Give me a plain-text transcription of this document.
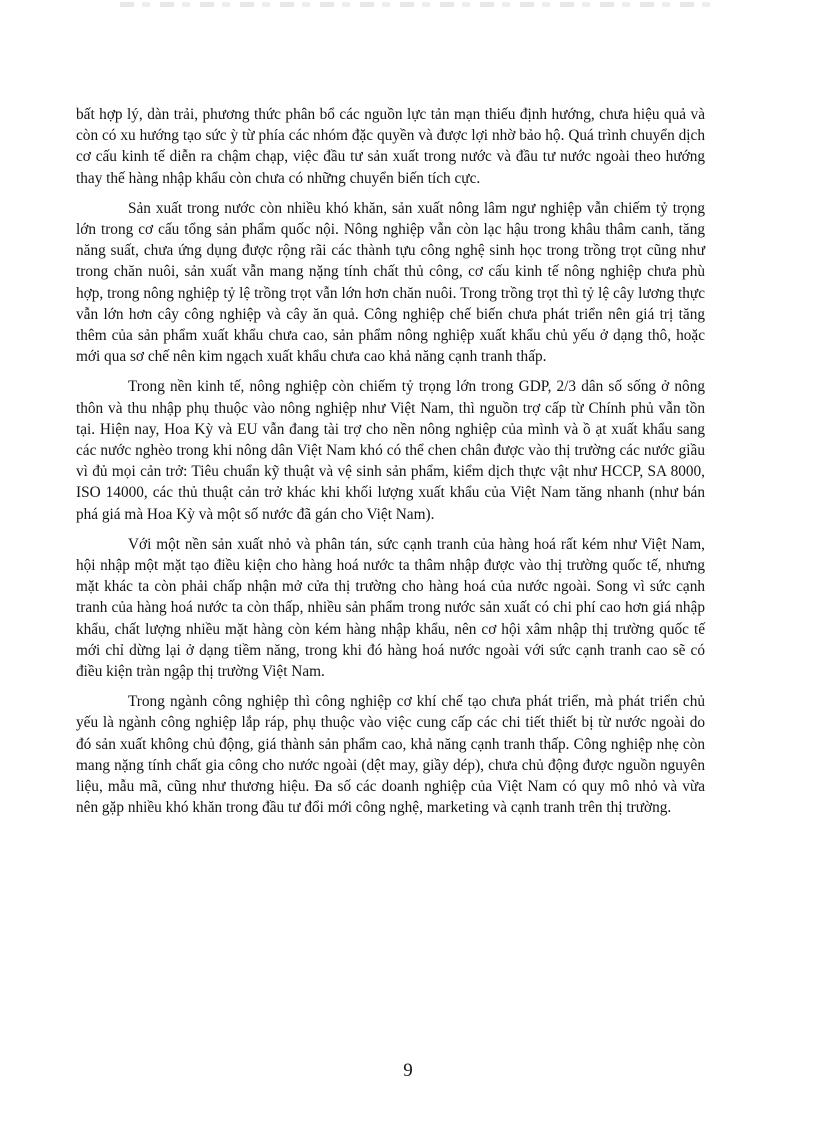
bất hợp lý, dàn trải, phương thức phân bổ các nguồn lực tản mạn thiếu định hướng, chưa hiệu quả và còn có xu hướng tạo sức ỳ từ phía các nhóm đặc quyền và được lợi nhờ bảo hộ. Quá trình chuyển dịch cơ cấu kinh tế diễn ra chậm chạp, việc đầu tư sản xuất trong nước và đầu tư nước ngoài theo hướng thay thế hàng nhập khẩu còn chưa có những chuyển biến tích cực.

Sản xuất trong nước còn nhiều khó khăn, sản xuất nông lâm ngư nghiệp vẫn chiếm tỷ trọng lớn trong cơ cấu tổng sản phẩm quốc nội. Nông nghiệp vẫn còn lạc hậu trong khâu thâm canh, tăng năng suất, chưa ứng dụng được rộng rãi các thành tựu công nghệ sinh học trong trồng trọt cũng như trong chăn nuôi, sản xuất vẫn mang nặng tính chất thủ công, cơ cấu kinh tế nông nghiệp chưa phù hợp, trong nông nghiệp tỷ lệ trồng trọt vẫn lớn hơn chăn nuôi. Trong trồng trọt thì tỷ lệ cây lương thực vẫn lớn hơn cây công nghiệp và cây ăn quả. Công nghiệp chế biến chưa phát triển nên giá trị tăng thêm của sản phẩm xuất khẩu chưa cao, sản phẩm nông nghiệp xuất khẩu chủ yếu ở dạng thô, hoặc mới qua sơ chế nên kim ngạch xuất khẩu chưa cao khả năng cạnh tranh thấp.

Trong nền kinh tế, nông nghiệp còn chiếm tỷ trọng lớn trong GDP, 2/3 dân số sống ở nông thôn và thu nhập phụ thuộc vào nông nghiệp như Việt Nam, thì nguồn trợ cấp từ Chính phủ vẫn tồn tại. Hiện nay, Hoa Kỳ và EU vẫn đang tài trợ cho nền nông nghiệp của mình và ồ ạt xuất khẩu sang các nước nghèo trong khi nông dân Việt Nam khó có thể chen chân được vào thị trường các nước giầu vì đủ mọi cản trở: Tiêu chuẩn kỹ thuật và vệ sinh sản phẩm, kiểm dịch thực vật như HCCP, SA 8000, ISO 14000, các thủ thuật cản trở khác khi khối lượng xuất khẩu của Việt Nam tăng nhanh (như bán phá giá mà Hoa Kỳ và một số nước đã gán cho Việt Nam).

Với một nền sản xuất nhỏ và phân tán, sức cạnh tranh của hàng hoá rất kém như Việt Nam, hội nhập một mặt tạo điều kiện cho hàng hoá nước ta thâm nhập được vào thị trường quốc tế, nhưng mặt khác ta còn phải chấp nhận mở cửa thị trường cho hàng hoá của nước ngoài. Song vì sức cạnh tranh của hàng hoá nước ta còn thấp, nhiều sản phẩm trong nước sản xuất có chi phí cao hơn giá nhập khẩu, chất lượng nhiều mặt hàng còn kém hàng nhập khẩu, nên cơ hội xâm nhập thị trường quốc tế mới chỉ dừng lại ở dạng tiềm năng, trong khi đó hàng hoá nước ngoài với sức cạnh tranh cao sẽ có điều kiện tràn ngập thị trường Việt Nam.

Trong ngành công nghiệp thì công nghiệp cơ khí chế tạo chưa phát triển, mà phát triển chủ yếu là ngành công nghiệp lắp ráp, phụ thuộc vào việc cung cấp các chi tiết thiết bị từ nước ngoài do đó sản xuất không chủ động, giá thành sản phẩm cao, khả năng cạnh tranh thấp. Công nghiệp nhẹ còn mang nặng tính chất gia công cho nước ngoài (dệt may, giầy dép), chưa chủ động được nguồn nguyên liệu, mẫu mã, cũng như thương hiệu. Đa số các doanh nghiệp của Việt Nam có quy mô nhỏ và vừa nên gặp nhiều khó khăn trong đầu tư đổi mới công nghệ, marketing và cạnh tranh trên thị trường.

9
